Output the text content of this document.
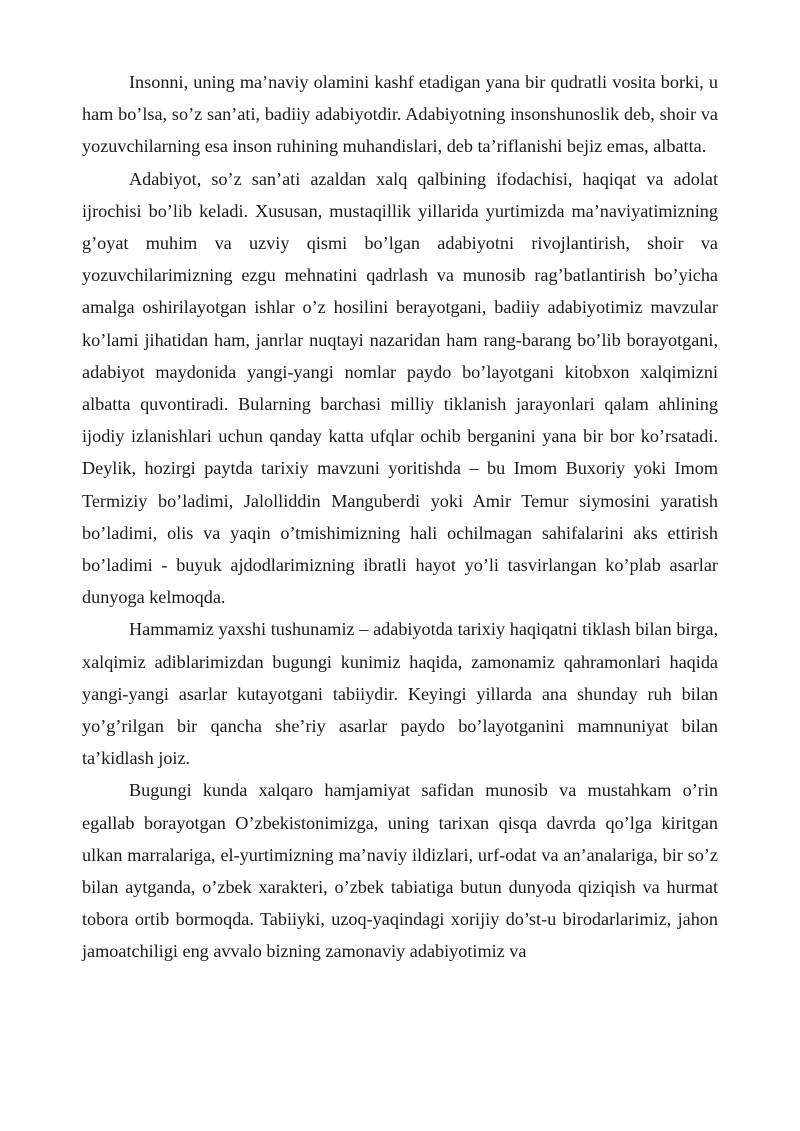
Insonni, uning ma’naviy olamini kashf etadigan yana bir qudratli vosita borki, u ham bo’lsa, so’z san’ati, badiiy adabiyotdir. Adabiyotning insonshunoslik deb, shoir va yozuvchilarning esa inson ruhining muhandislari, deb ta’riflanishi bejiz emas, albatta.

Adabiyot, so’z san’ati azaldan xalq qalbining ifodachisi, haqiqat va adolat ijrochisi bo’lib keladi. Xususan, mustaqillik yillarida yurtimizda ma’naviyatimizning g’oyat muhim va uzviy qismi bo’lgan adabiyotni rivojlantirish, shoir va yozuvchilarimizning ezgu mehnatini qadrlash va munosib rag’batlantirish bo’yicha amalga oshirilayotgan ishlar o’z hosilini berayotgani, badiiy adabiyotimiz mavzular ko’lami jihatidan ham, janrlar nuqtayi nazaridan ham rang-barang bo’lib borayotgani, adabiyot maydonida yangi-yangi nomlar paydo bo’layotgani kitobxon xalqimizni albatta quvontiradi. Bularning barchasi milliy tiklanish jarayonlari qalam ahlining ijodiy izlanishlari uchun qanday katta ufqlar ochib berganini yana bir bor ko’rsatadi. Deylik, hozirgi paytda tarixiy mavzuni yoritishda – bu Imom Buxoriy yoki Imom Termiziy bo’ladimi, Jalolliddin Manguberdi yoki Amir Temur siymosini yaratish bo’ladimi, olis va yaqin o’tmishimizning hali ochilmagan sahifalarini aks ettirish bo’ladimi - buyuk ajdodlarimizning ibratli hayot yo’li tasvirlangan ko’plab asarlar dunyoga kelmoqda.

Hammamiz yaxshi tushunamiz – adabiyotda tarixiy haqiqatni tiklash bilan birga, xalqimiz adiblarimizdan bugungi kunimiz haqida, zamonamiz qahramonlari haqida yangi-yangi asarlar kutayotgani tabiiydir. Keyingi yillarda ana shunday ruh bilan yo’g’rilgan bir qancha she’riy asarlar paydo bo’layotganini mamnuniyat bilan ta’kidlash joiz.

Bugungi kunda xalqaro hamjamiyat safidan munosib va mustahkam o’rin egallab borayotgan O’zbekistonimizga, uning tarixan qisqa davrda qo’lga kiritgan ulkan marralariga, el-yurtimizning ma’naviy ildizlari, urf-odat va an’analariga, bir so’z bilan aytganda, o’zbek xarakteri, o’zbek tabiatiga butun dunyoda qiziqish va hurmat tobora ortib bormoqda. Tabiiyki, uzoq-yaqindagi xorijiy do’st-u birodarlarimiz, jahon jamoatchiligi eng avvalo bizning zamonaviy adabiyotimiz va
